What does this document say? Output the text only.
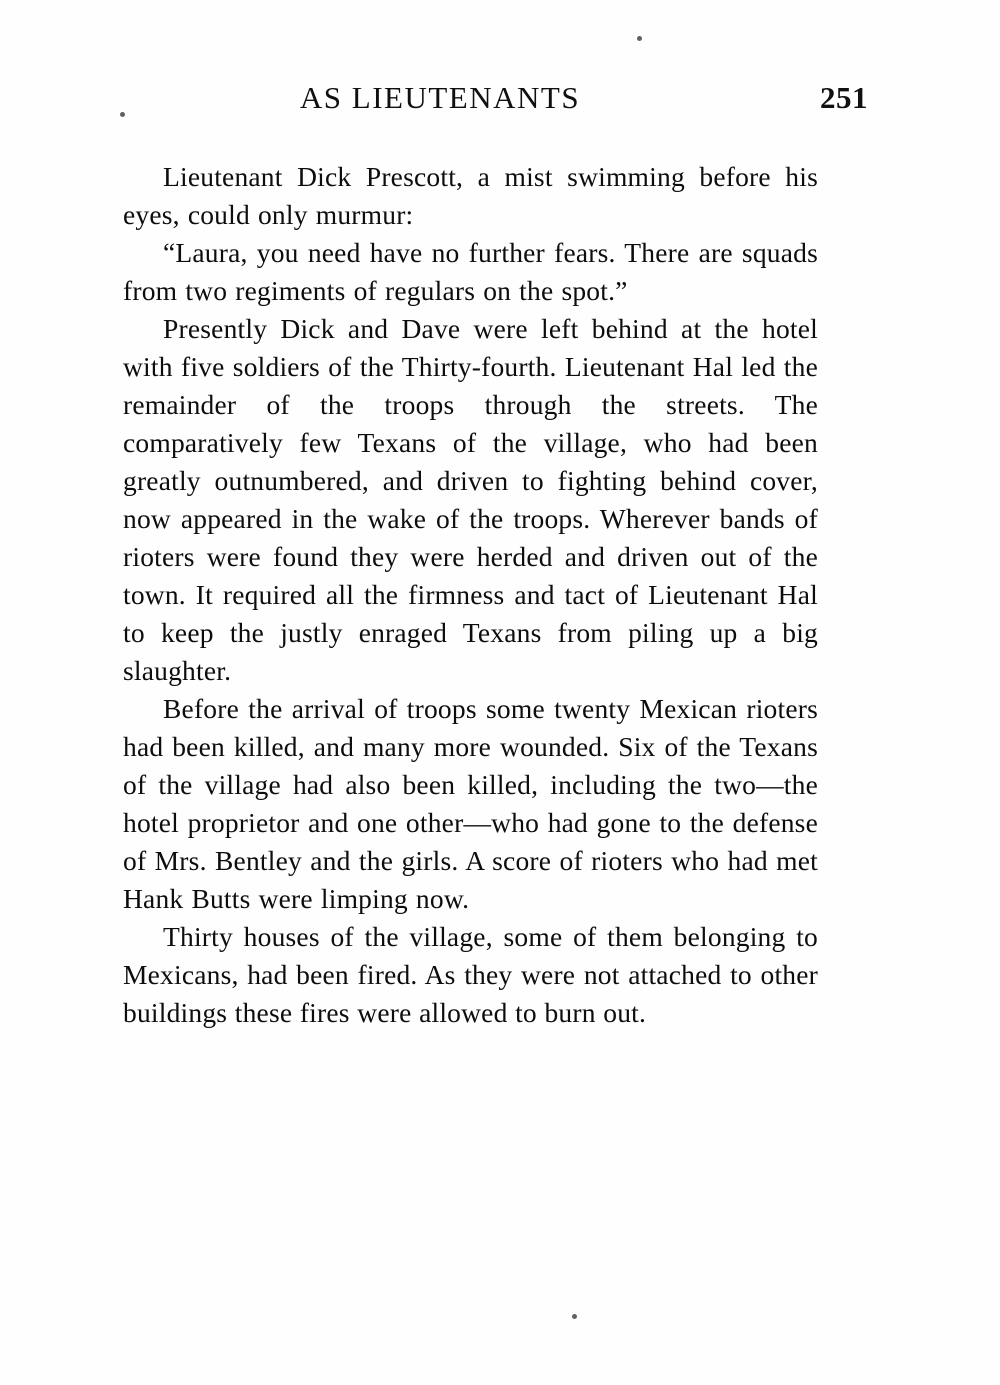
AS LIEUTENANTS	251

Lieutenant Dick Prescott, a mist swimming before his eyes, could only murmur:

“Laura, you need have no further fears. There are squads from two regiments of regulars on the spot.”

Presently Dick and Dave were left behind at the hotel with five soldiers of the Thirty-fourth. Lieutenant Hal led the remainder of the troops through the streets. The comparatively few Texans of the village, who had been greatly outnumbered, and driven to fighting behind cover, now appeared in the wake of the troops. Wherever bands of rioters were found they were herded and driven out of the town. It required all the firmness and tact of Lieutenant Hal to keep the justly enraged Texans from piling up a big slaughter.

Before the arrival of troops some twenty Mexican rioters had been killed, and many more wounded. Six of the Texans of the village had also been killed, including the two—the hotel proprietor and one other—who had gone to the defense of Mrs. Bentley and the girls. A score of rioters who had met Hank Butts were limping now.

Thirty houses of the village, some of them belonging to Mexicans, had been fired. As they were not attached to other buildings these fires were allowed to burn out.
